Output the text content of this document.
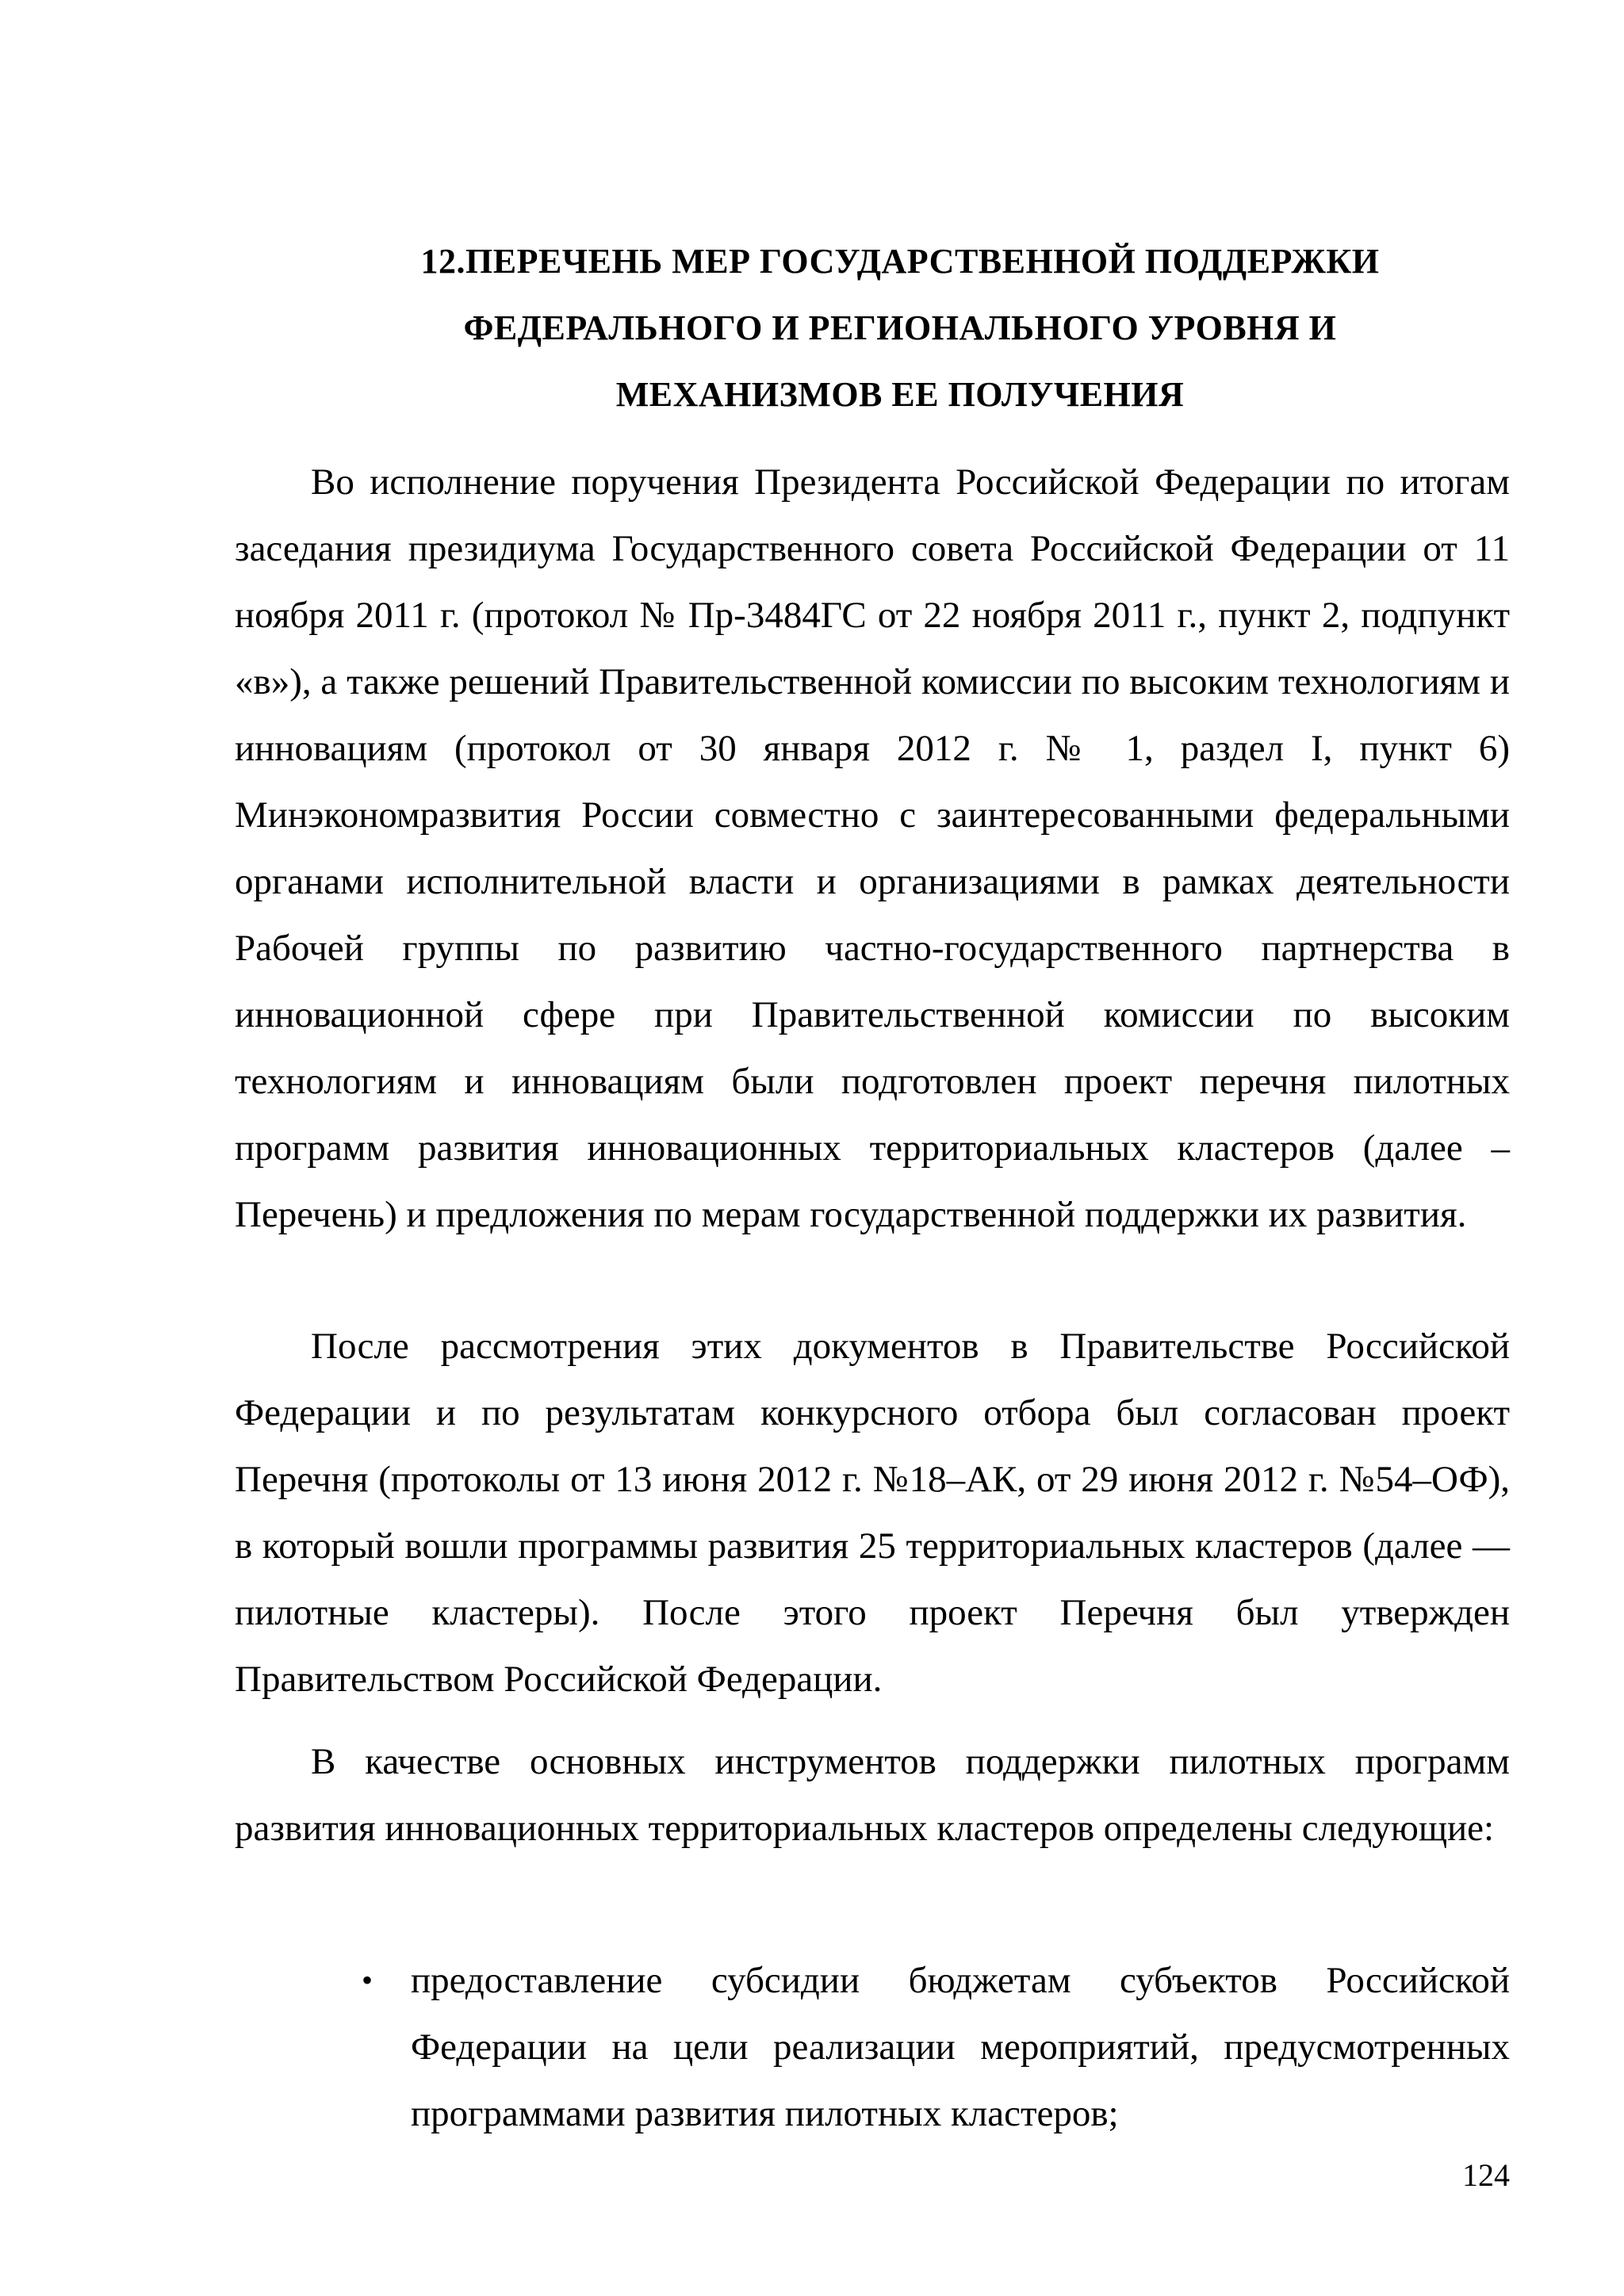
12.ПЕРЕЧЕНЬ МЕР ГОСУДАРСТВЕННОЙ ПОДДЕРЖКИ
ФЕДЕРАЛЬНОГО И РЕГИОНАЛЬНОГО УРОВНЯ И
МЕХАНИЗМОВ ЕЕ ПОЛУЧЕНИЯ

Во исполнение поручения Президента Российской Федерации по итогам заседания президиума Государственного совета Российской Федерации от 11 ноября 2011 г. (протокол № Пр-3484ГС от 22 ноября 2011 г., пункт 2, подпункт «в»), а также решений Правительственной комиссии по высоким технологиям и инновациям (протокол от 30 января 2012 г. № 1, раздел I, пункт 6) Минэкономразвития России совместно с заинтересованными федеральными органами исполнительной власти и организациями в рамках деятельности Рабочей группы по развитию частно-государственного партнерства в инновационной сфере при Правительственной комиссии по высоким технологиям и инновациям были подготовлен проект перечня пилотных программ развития инновационных территориальных кластеров (далее – Перечень) и предложения по мерам государственной поддержки их развития.

После рассмотрения этих документов в Правительстве Российской Федерации и по результатам конкурсного отбора был согласован проект Перечня (протоколы от 13 июня 2012 г. №18–АК, от 29 июня 2012 г. №54–ОФ), в который вошли программы развития 25 территориальных кластеров (далее — пилотные кластеры). После этого проект Перечня был утвержден Правительством Российской Федерации.

В качестве основных инструментов поддержки пилотных программ развития инновационных территориальных кластеров определены следующие:

• предоставление субсидии бюджетам субъектов Российской Федерации на цели реализации мероприятий, предусмотренных программами развития пилотных кластеров;
124
